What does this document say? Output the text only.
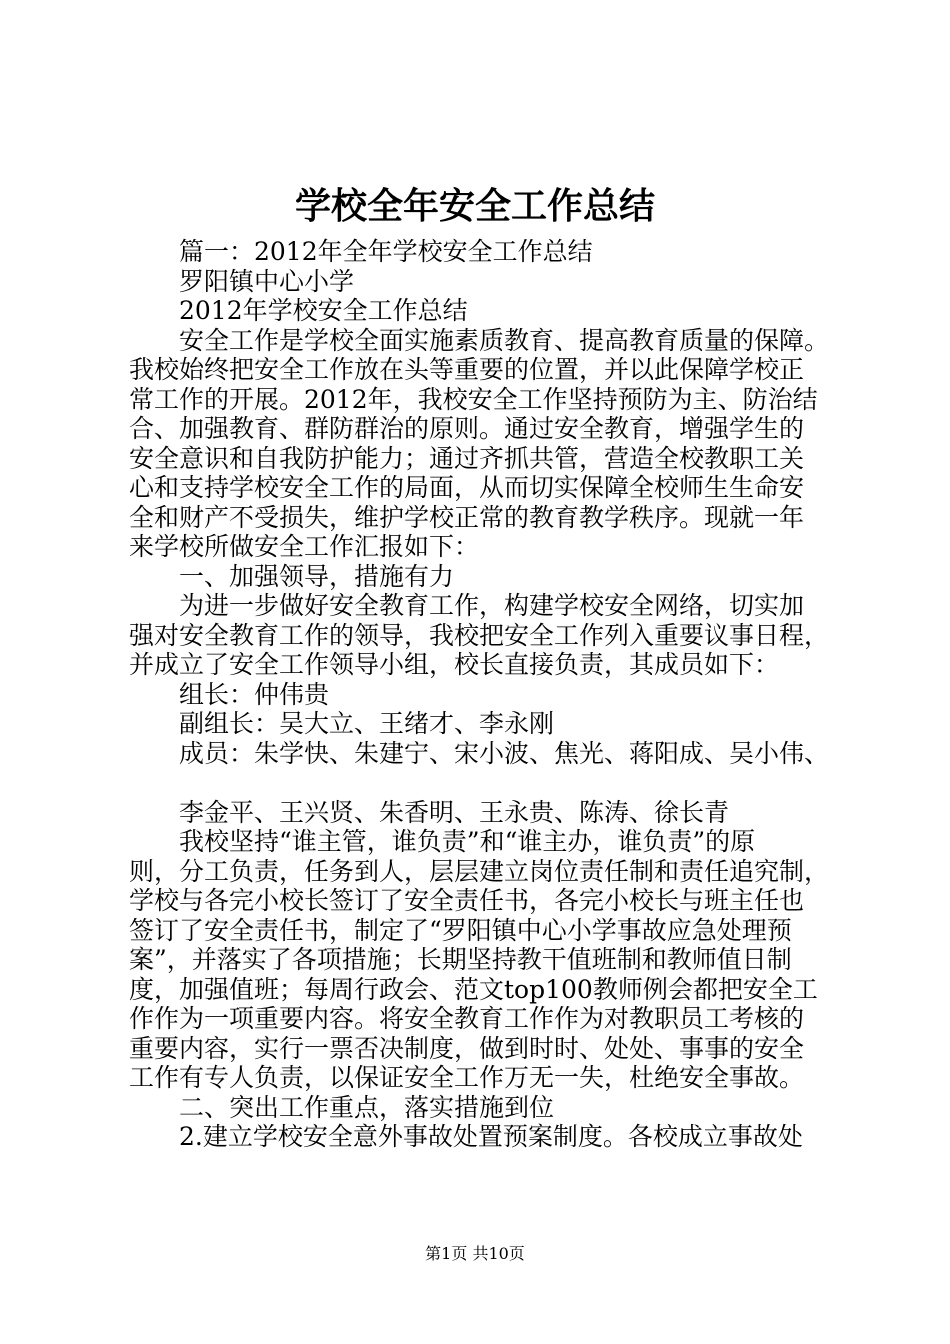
学校全年安全工作总结
篇一：2012年全年学校安全工作总结
罗阳镇中心小学
2012年学校安全工作总结
安全工作是学校全面实施素质教育、提高教育质量的保障。
我校始终把安全工作放在头等重要的位置，并以此保障学校正
常工作的开展。2012年，我校安全工作坚持预防为主、防治结
合、加强教育、群防群治的原则。通过安全教育，增强学生的
安全意识和自我防护能力；通过齐抓共管，营造全校教职工关
心和支持学校安全工作的局面，从而切实保障全校师生生命安
全和财产不受损失，维护学校正常的教育教学秩序。现就一年
来学校所做安全工作汇报如下：
一、加强领导，措施有力
为进一步做好安全教育工作，构建学校安全网络，切实加
强对安全教育工作的领导，我校把安全工作列入重要议事日程，
并成立了安全工作领导小组，校长直接负责，其成员如下：
组长：仲伟贵
副组长：吴大立、王绪才、李永刚
成员：朱学快、朱建宁、宋小波、焦光、蒋阳成、吴小伟、
李金平、王兴贤、朱香明、王永贵、陈涛、徐长青
我校坚持“谁主管，谁负责”和“谁主办，谁负责”的原
则，分工负责，任务到人，层层建立岗位责任制和责任追究制，
学校与各完小校长签订了安全责任书，各完小校长与班主任也
签订了安全责任书，制定了“罗阳镇中心小学事故应急处理预
案”，并落实了各项措施；长期坚持教干值班制和教师值日制
度，加强值班；每周行政会、范文top100教师例会都把安全工
作作为一项重要内容。将安全教育工作作为对教职员工考核的
重要内容，实行一票否决制度，做到时时、处处、事事的安全
工作有专人负责，以保证安全工作万无一失，杜绝安全事故。
二、突出工作重点，落实措施到位
2.建立学校安全意外事故处置预案制度。各校成立事故处
第1页 共10页
